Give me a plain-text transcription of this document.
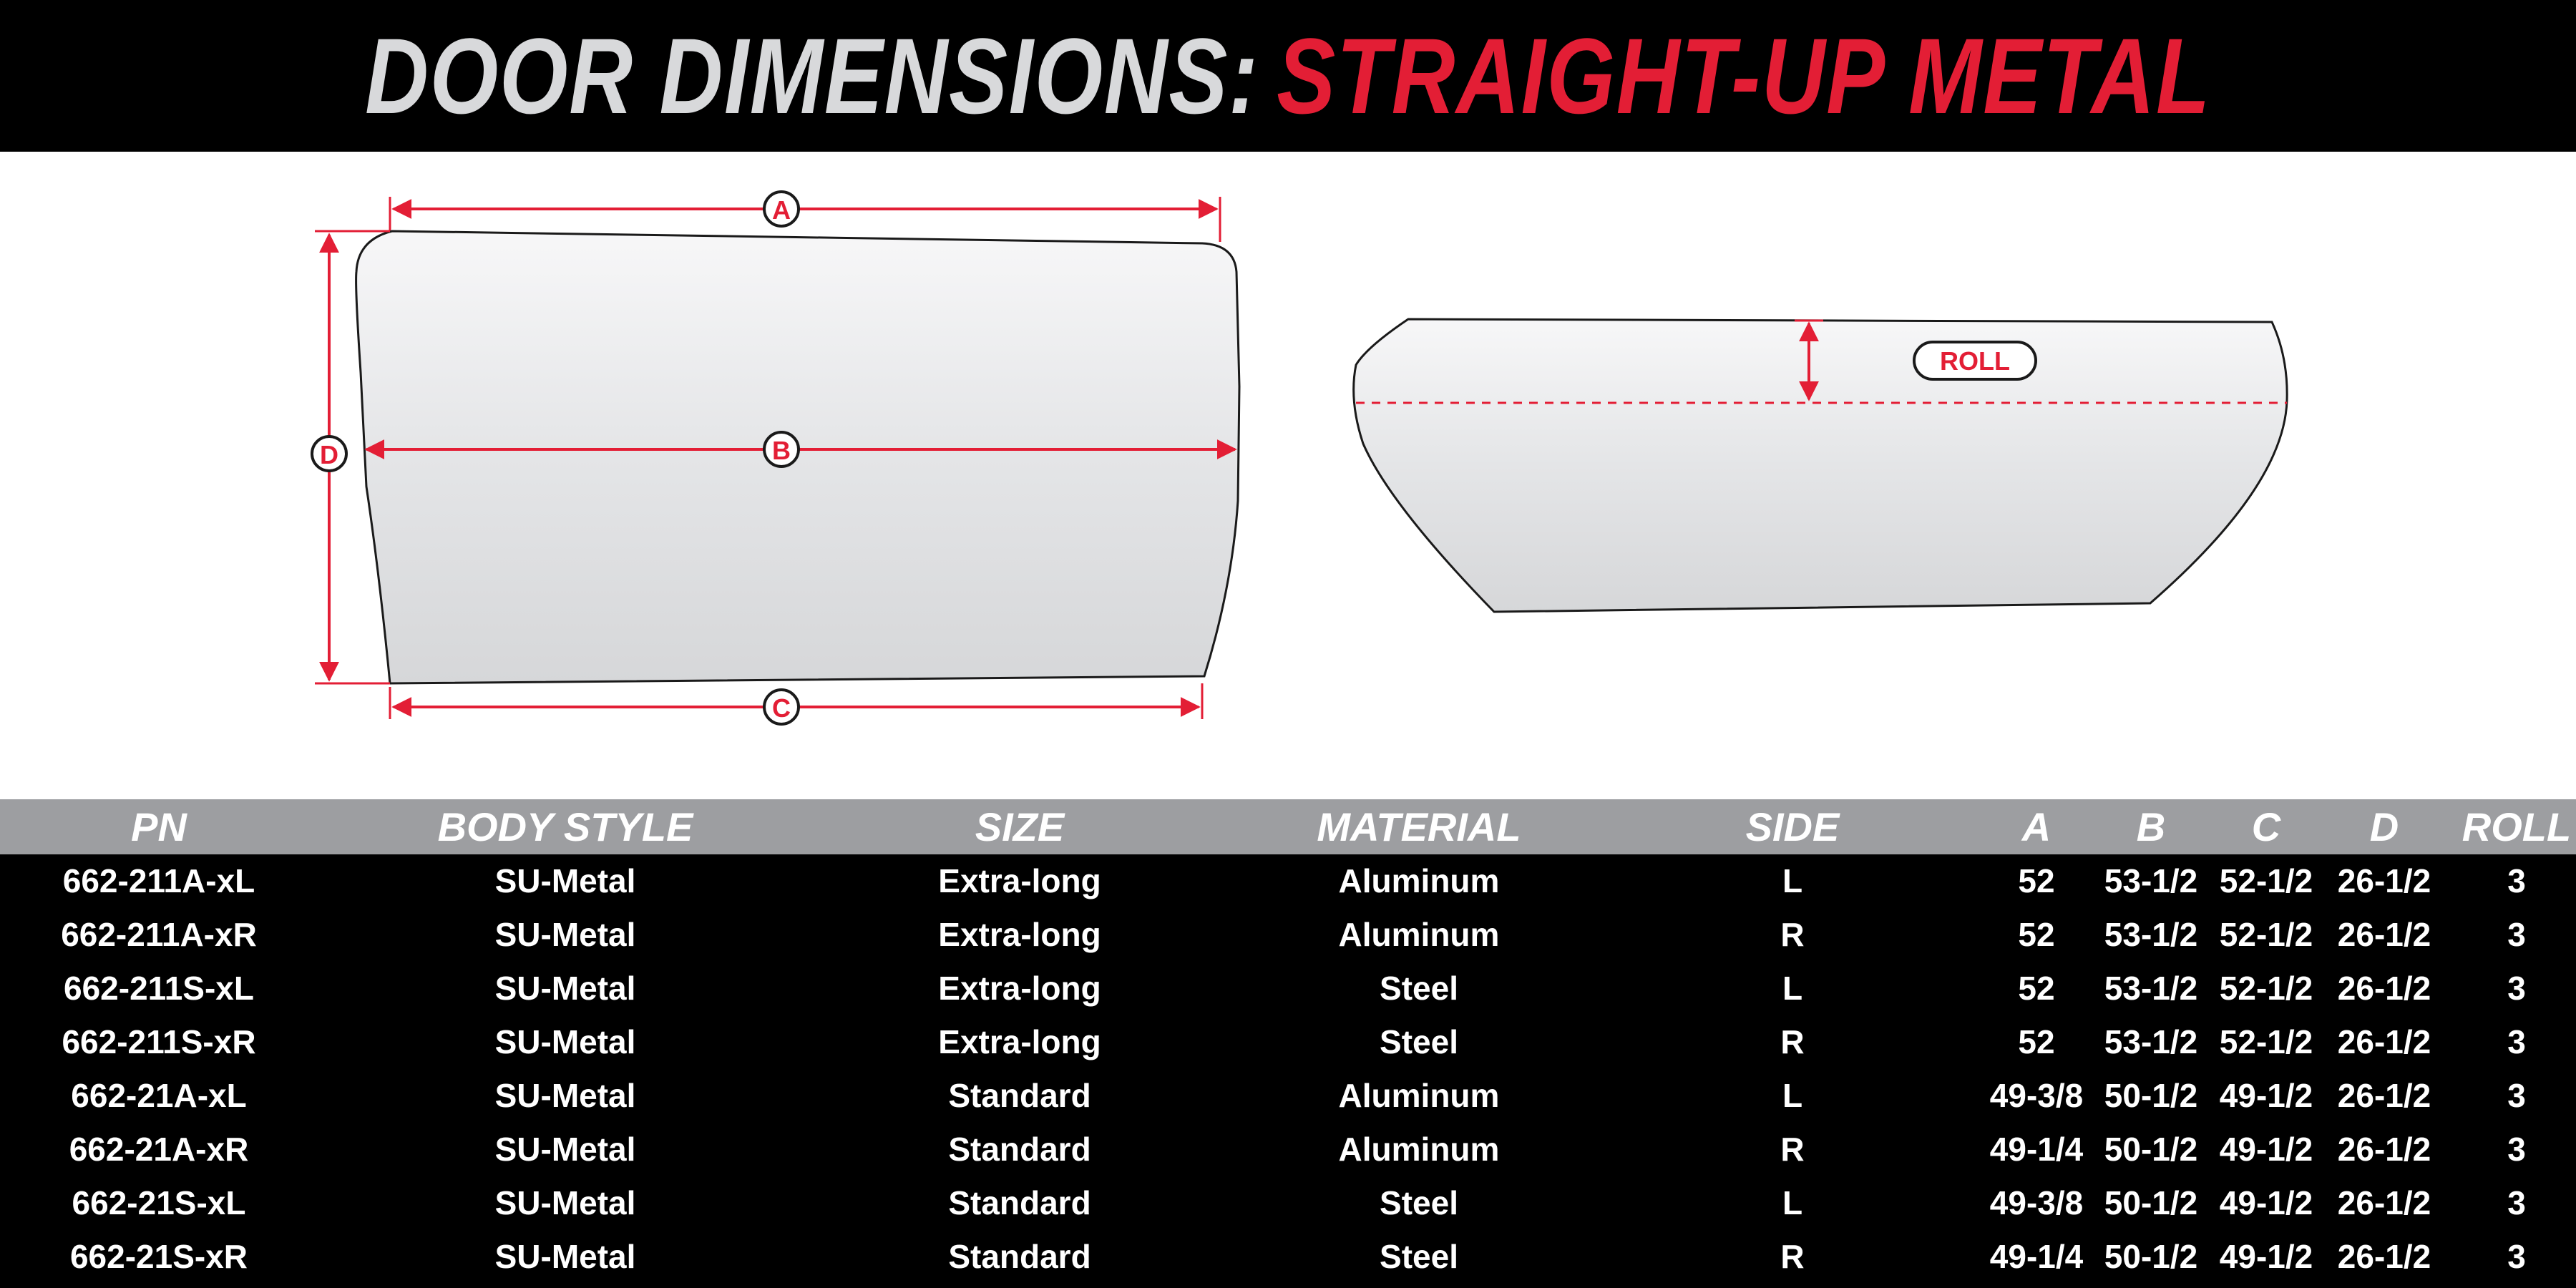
DOOR DIMENSIONS: STRAIGHT-UP METAL
A
B
C
D
ROLL
PN	BODY STYLE	SIZE	MATERIAL	SIDE	A B C D ROLL
662-211A-xL	SU-Metal	Extra-long	Aluminum	L	52 53-1/2 52-1/2 26-1/2 3
662-211A-xR	SU-Metal	Extra-long	Aluminum	R	52 53-1/2 52-1/2 26-1/2 3
662-211S-xL	SU-Metal	Extra-long	Steel	L	52 53-1/2 52-1/2 26-1/2 3
662-211S-xR	SU-Metal	Extra-long	Steel	R	52 53-1/2 52-1/2 26-1/2 3
662-21A-xL	SU-Metal	Standard	Aluminum	L	49-3/8 50-1/2 49-1/2 26-1/2 3
662-21A-xR	SU-Metal	Standard	Aluminum	R	49-1/4 50-1/2 49-1/2 26-1/2 3
662-21S-xL	SU-Metal	Standard	Steel	L	49-3/8 50-1/2 49-1/2 26-1/2 3
662-21S-xR	SU-Metal	Standard	Steel	R	49-1/4 50-1/2 49-1/2 26-1/2 3
